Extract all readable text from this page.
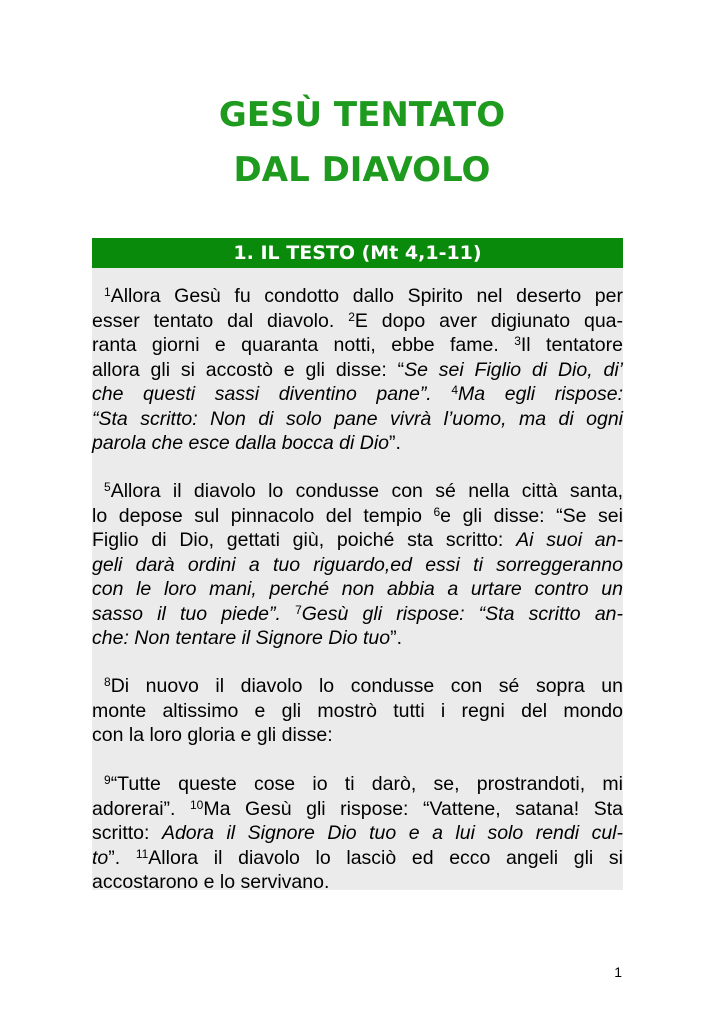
GESÙ TENTATO
DAL DIAVOLO
1. IL TESTO (Mt 4,1-11)
$^1$Allora Gesù fu condotto dallo Spirito nel deserto per
esser tentato dal diavolo. $^2$E dopo aver digiunato qua-
ranta giorni e quaranta notti, ebbe fame. $^3$Il tentatore
allora gli si accostò e gli disse: “Se sei Figlio di Dio, di’
che questi sassi diventino pane”. $^4$Ma egli rispose:
“Sta scritto: Non di solo pane vivrà l’uomo, ma di ogni
parola che esce dalla bocca di Dio”.
$^5$Allora il diavolo lo condusse con sé nella città santa,
lo depose sul pinnacolo del tempio $^6$e gli disse: “Se sei
Figlio di Dio, gettati giù, poiché sta scritto: Ai suoi an-
geli darà ordini a tuo riguardo,ed essi ti sorreggeranno
con le loro mani, perché non abbia a urtare contro un
sasso il tuo piede”. $^7$Gesù gli rispose: “Sta scritto an-
che: Non tentare il Signore Dio tuo”.
$^8$Di nuovo il diavolo lo condusse con sé sopra un
monte altissimo e gli mostrò tutti i regni del mondo
con la loro gloria e gli disse:
$^9$“Tutte queste cose io ti darò, se, prostrandoti, mi
adorerai”. $^{10}$Ma Gesù gli rispose: “Vattene, satana! Sta
scritto: Adora il Signore Dio tuo e a lui solo rendi cul-
to”. $^{11}$Allora il diavolo lo lasciò ed ecco angeli gli si
accostarono e lo servivano.
1
